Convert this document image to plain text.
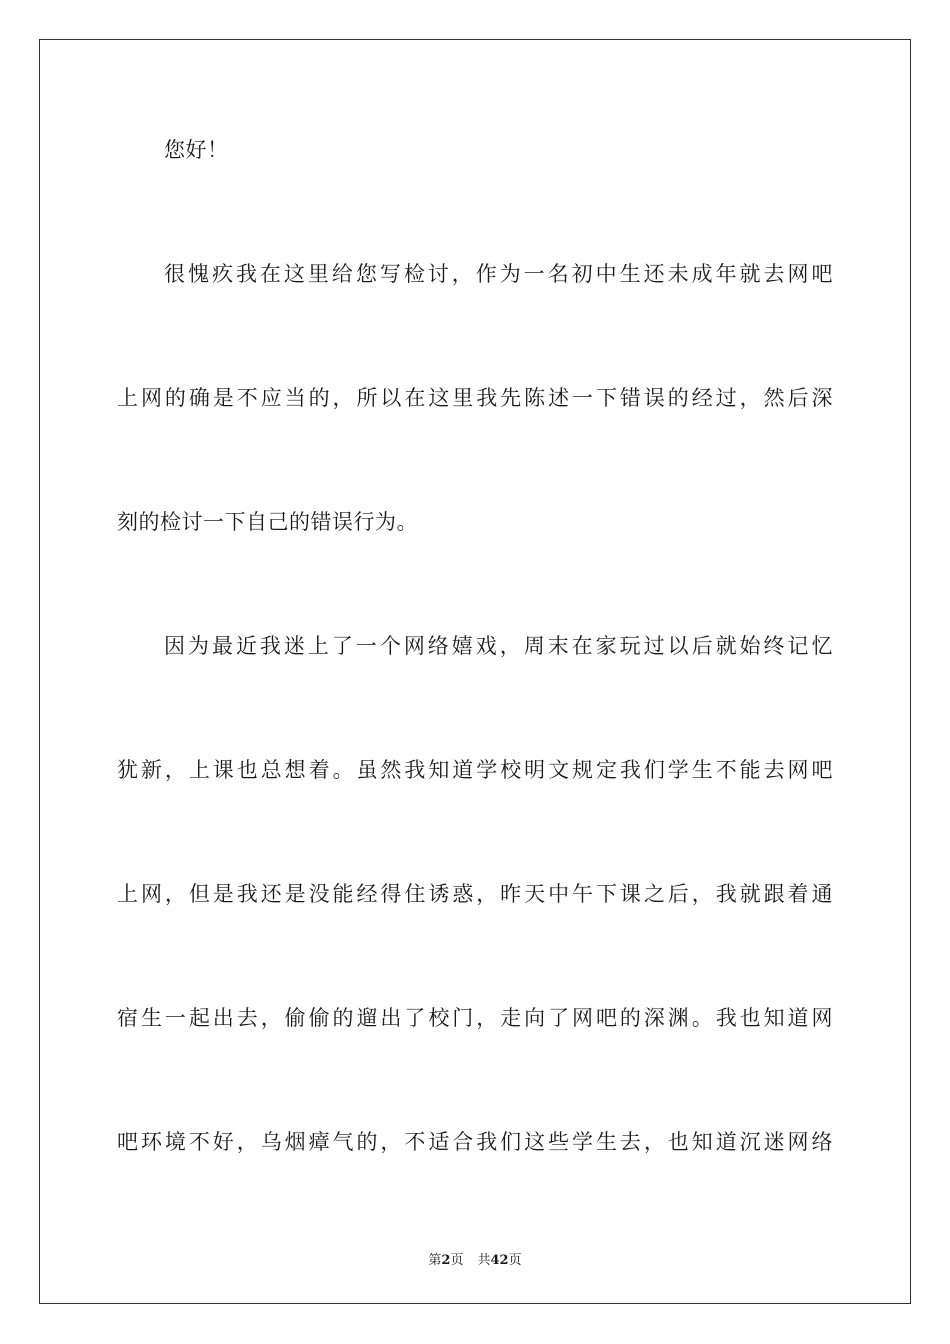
您好！
很愧疚我在这里给您写检讨，作为一名初中生还未成年就去网吧
上网的确是不应当的，所以在这里我先陈述一下错误的经过，然后深
刻的检讨一下自己的错误行为。
因为最近我迷上了一个网络嬉戏，周末在家玩过以后就始终记忆
犹新，上课也总想着。虽然我知道学校明文规定我们学生不能去网吧
上网，但是我还是没能经得住诱惑，昨天中午下课之后，我就跟着通
宿生一起出去，偷偷的遛出了校门，走向了网吧的深渊。我也知道网
吧环境不好，乌烟瘴气的，不适合我们这些学生去，也知道沉迷网络
第2页 共42页
